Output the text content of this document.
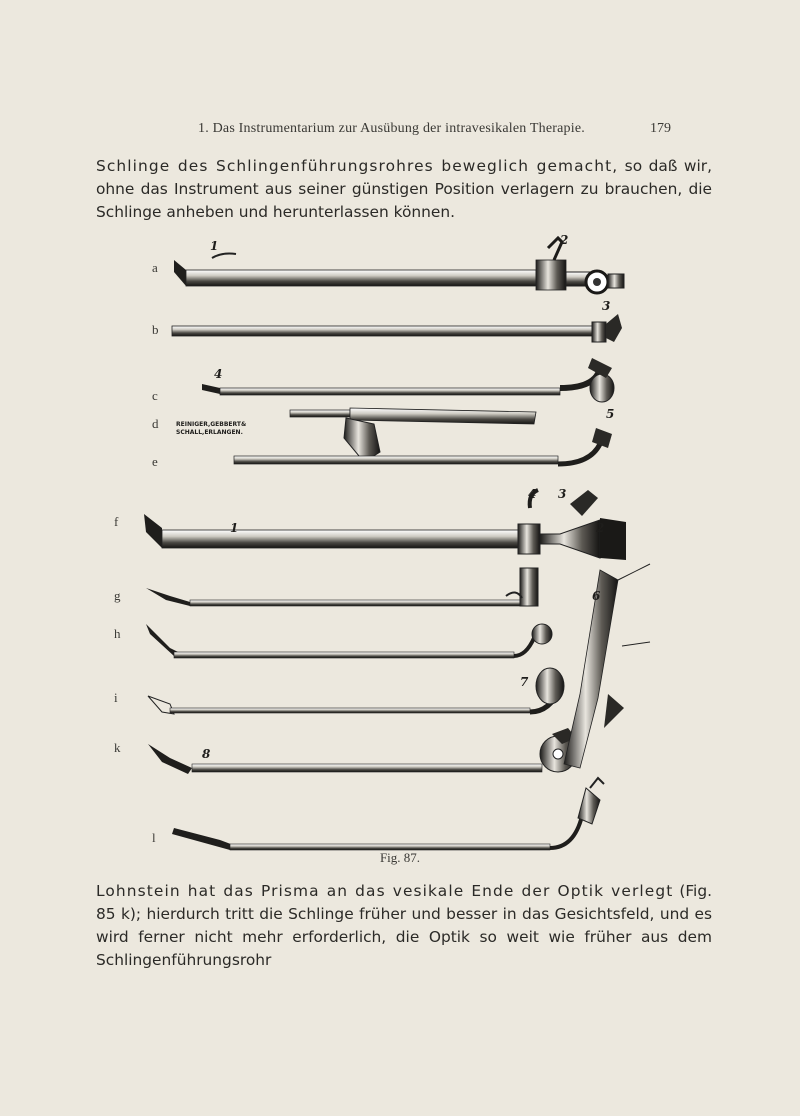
1. Das Instrumentarium zur Ausübung der intravesikalen Therapie.	179

Schlinge des Schlingenführungsrohres beweglich gemacht, so daß wir, ohne das Instrument aus seiner günstigen Position verlagern zu brauchen, die Schlinge anheben und herunterlassen können.

a
b
c
d
e
f
g
h
i
k
l
1	2
3
4
5
REINIGER,GEBBERT&
SCHALL,ERLANGEN.
1
4 3
2
8
6
7
Fig. 87.

Lohnstein hat das Prisma an das vesikale Ende der Optik verlegt (Fig. 85 k); hierdurch tritt die Schlinge früher und besser in das Gesichtsfeld, und es wird ferner nicht mehr erforderlich, die Optik so weit wie früher aus dem Schlingenführungsrohr
